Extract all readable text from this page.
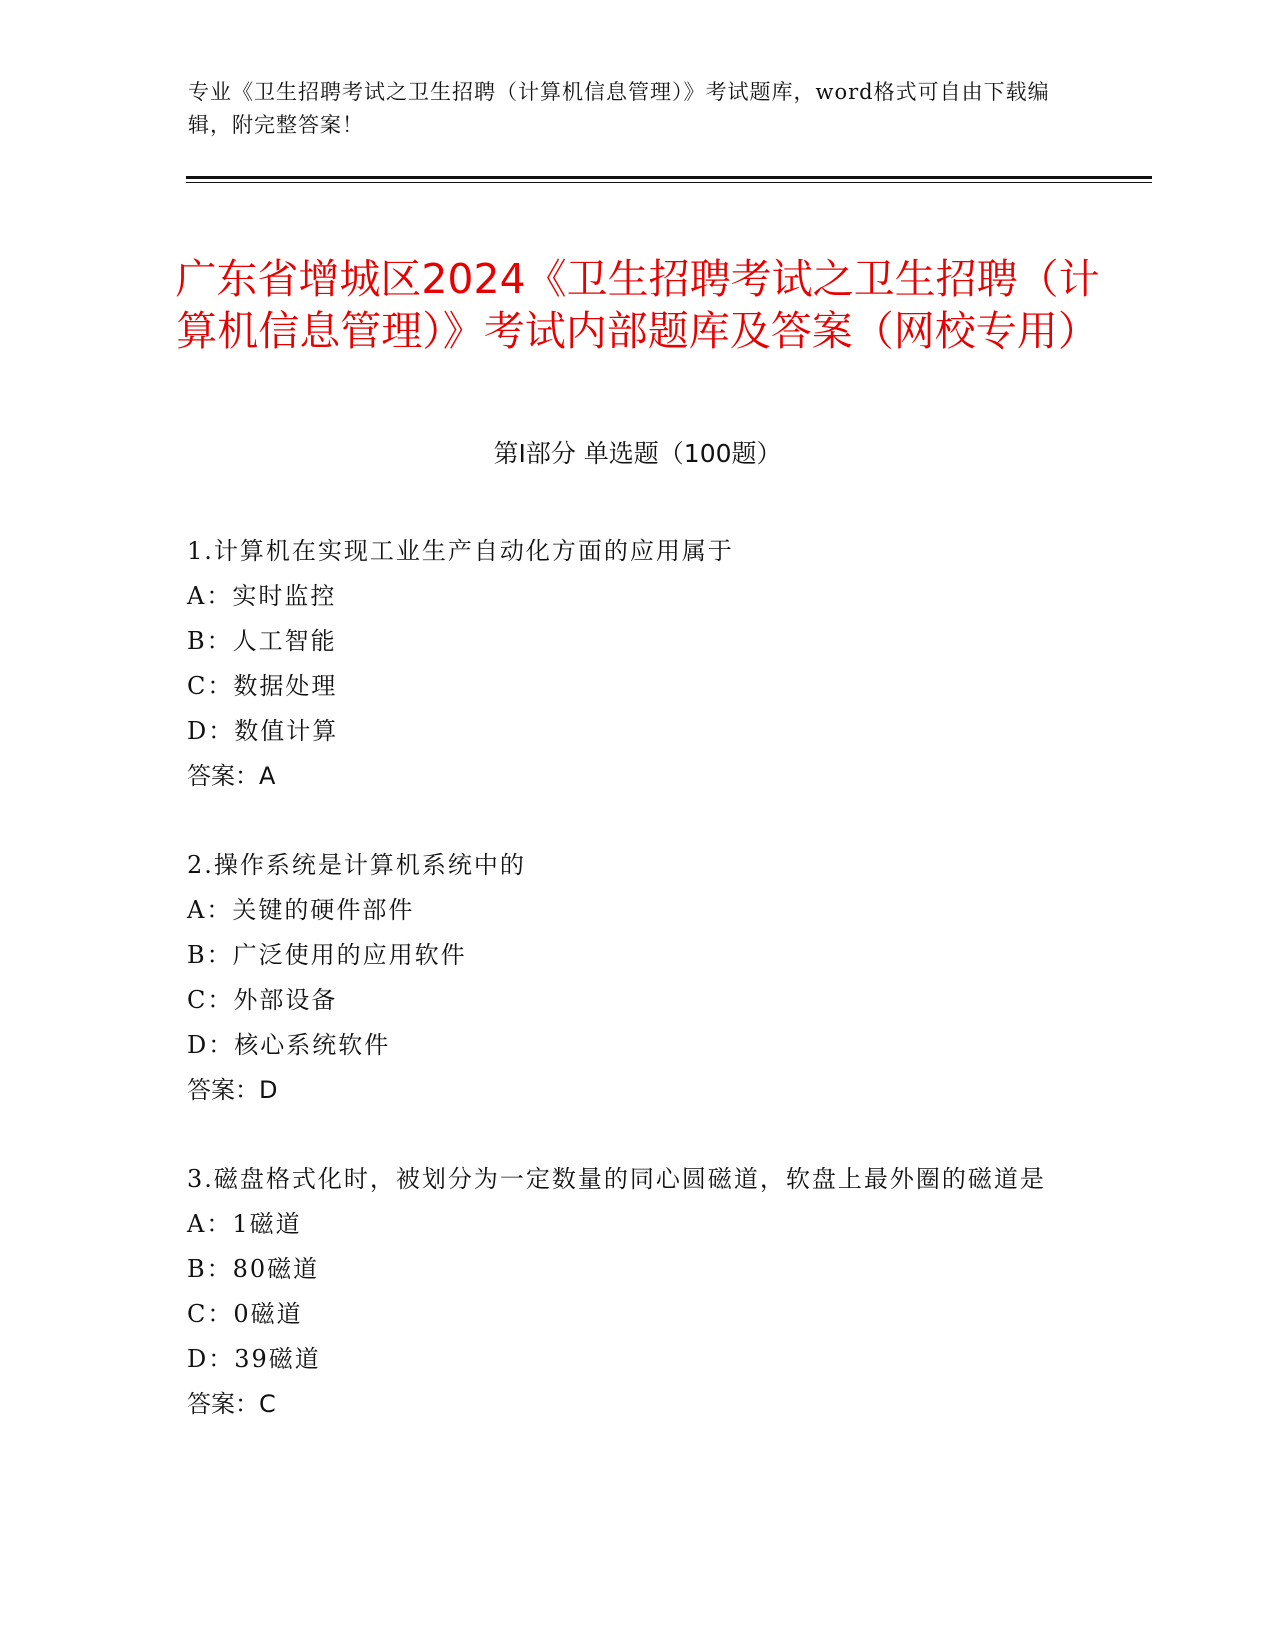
专业《卫生招聘考试之卫生招聘（计算机信息管理）》考试题库，word格式可自由下载编辑，附完整答案！
广东省增城区2024《卫生招聘考试之卫生招聘（计算机信息管理）》考试内部题库及答案（网校专用）
第Ⅰ部分 单选题（100题）
1.计算机在实现工业生产自动化方面的应用属于
A：实时监控
B：人工智能
C：数据处理
D：数值计算
答案：A
2.操作系统是计算机系统中的
A：关键的硬件部件
B：广泛使用的应用软件
C：外部设备
D：核心系统软件
答案：D
3.磁盘格式化时，被划分为一定数量的同心圆磁道，软盘上最外圈的磁道是
A：1磁道
B：80磁道
C：0磁道
D：39磁道
答案：C
